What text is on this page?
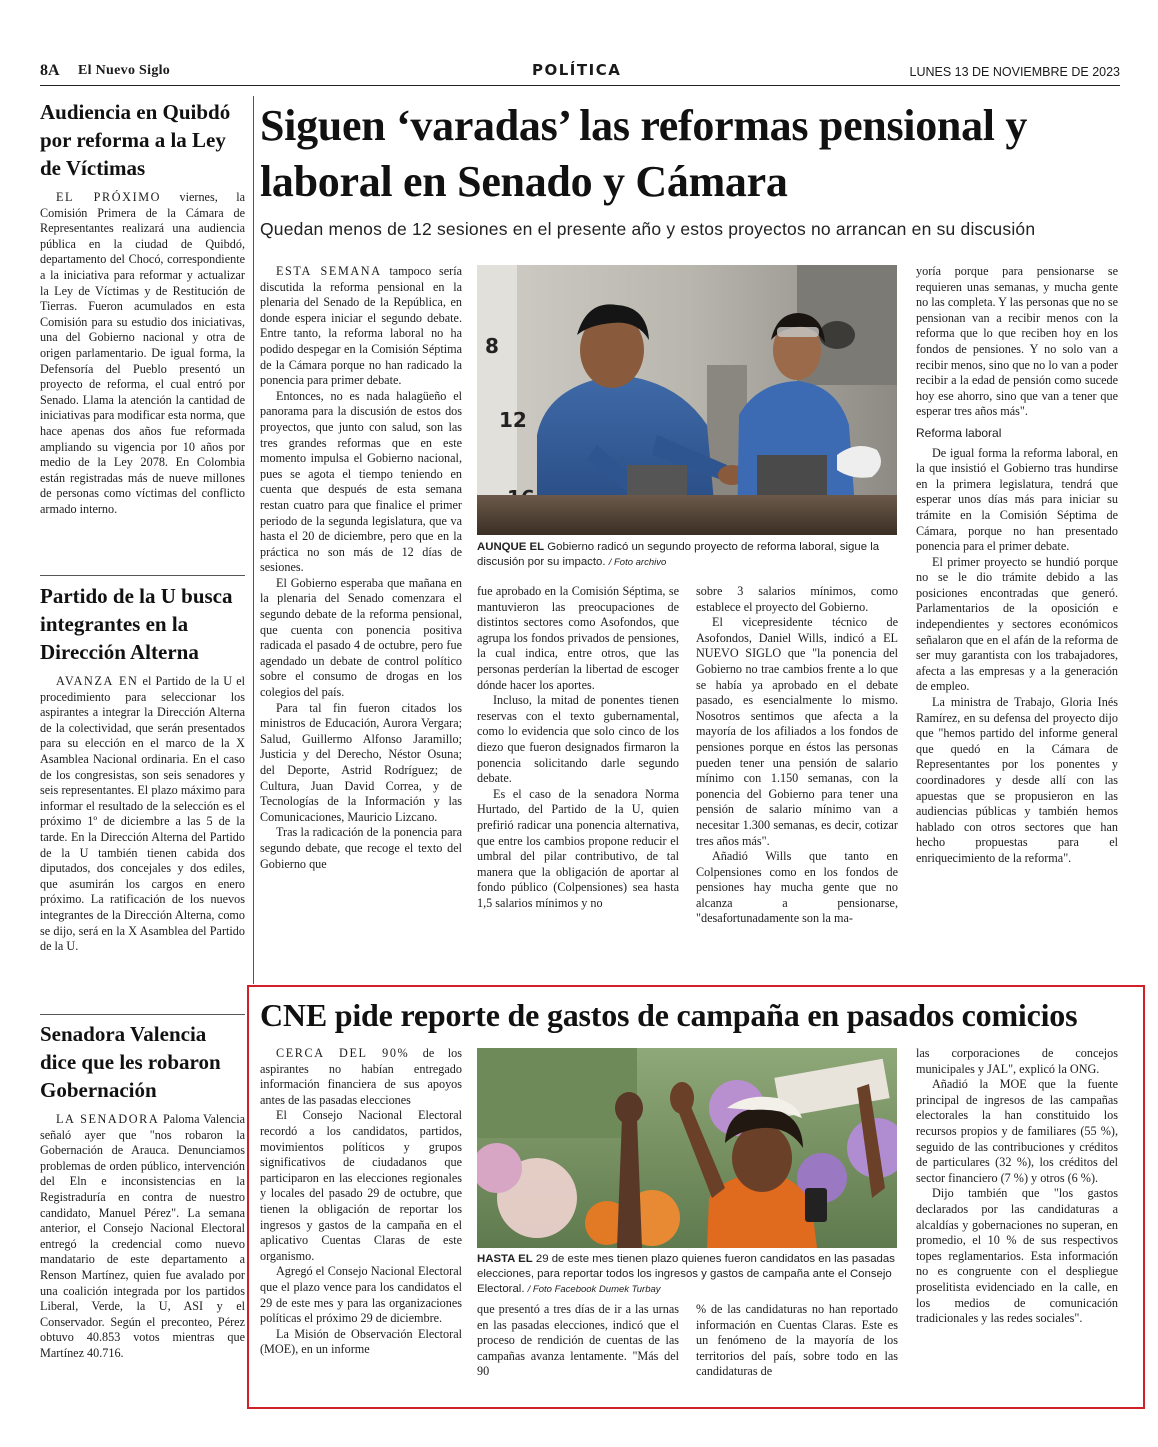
8A El Nuevo Siglo	POLÍTICA	LUNES 13 DE NOVIEMBRE DE 2023
Audiencia en Quibdó por reforma a la Ley de Víctimas

EL PRÓXIMO viernes, la Comisión Primera de la Cámara de Representantes realizará una audiencia pública en la ciudad de Quibdó, departamento del Chocó, correspondiente a la iniciativa para reformar y actualizar la Ley de Víctimas y de Restitución de Tierras. Fueron acumulados en esta Comisión para su estudio dos iniciativas, una del Gobierno nacional y otra de origen parlamentario. De igual forma, la Defensoría del Pueblo presentó un proyecto de reforma, el cual entró por Senado. Llama la atención la cantidad de iniciativas para modificar esta norma, que hace apenas dos años fue reformada ampliando su vigencia por 10 años por medio de la Ley 2078. En Colombia están registradas más de nueve millones de personas como víctimas del conflicto armado interno.

Partido de la U busca integrantes en la Dirección Alterna

AVANZA EN el Partido de la U el procedimiento para seleccionar los aspirantes a integrar la Dirección Alterna de la colectividad, que serán presentados para su elección en el marco de la X Asamblea Nacional ordinaria. En el caso de los congresistas, son seis senadores y seis representantes. El plazo máximo para informar el resultado de la selección es el próximo 1º de diciembre a las 5 de la tarde. En la Dirección Alterna del Partido de la U también tienen cabida dos diputados, dos concejales y dos ediles, que asumirán los cargos en enero próximo. La ratificación de los nuevos integrantes de la Dirección Alterna, como se dijo, será en la X Asamblea del Partido de la U.

Senadora Valencia dice que les robaron Gobernación

LA SENADORA Paloma Valencia señaló ayer que "nos robaron la Gobernación de Arauca. Denunciamos problemas de orden público, intervención del Eln e inconsistencias en la Registraduría en contra de nuestro candidato, Manuel Pérez". La semana anterior, el Consejo Nacional Electoral entregó la credencial como nuevo mandatario de este departamento a Renson Martínez, quien fue avalado por una coalición integrada por los partidos Liberal, Verde, la U, ASI y el Conservador. Según el preconteo, Pérez obtuvo 40.853 votos mientras que Martínez 40.716.

Siguen ‘varadas’ las reformas pensional y laboral en Senado y Cámara
Quedan menos de 12 sesiones en el presente año y estos proyectos no arrancan en su discusión

ESTA SEMANA tampoco sería discutida la reforma pensional en la plenaria del Senado de la República, en donde espera iniciar el segundo debate. Entre tanto, la reforma laboral no ha podido despegar en la Comisión Séptima de la Cámara porque no han radicado la ponencia para primer debate.

Entonces, no es nada halagüeño el panorama para la discusión de estos dos proyectos, que junto con salud, son las tres grandes reformas que en este momento impulsa el Gobierno nacional, pues se agota el tiempo teniendo en cuenta que después de esta semana restan cuatro para que finalice el primer periodo de la segunda legislatura, que va hasta el 20 de diciembre, pero que en la práctica no son más de 12 días de sesiones.

El Gobierno esperaba que mañana en la plenaria del Senado comenzara el segundo debate de la reforma pensional, que cuenta con ponencia positiva radicada el pasado 4 de octubre, pero fue agendado un debate de control político sobre el consumo de drogas en los colegios del país.

Para tal fin fueron citados los ministros de Educación, Aurora Vergara; Salud, Guillermo Alfonso Jaramillo; Justicia y del Derecho, Néstor Osuna; del Deporte, Astrid Rodríguez; de Cultura, Juan David Correa, y de Tecnologías de la Información y las Comunicaciones, Mauricio Lizcano.

Tras la radicación de la ponencia para segundo debate, que recoge el texto del Gobierno que

8
12
AUNQUE EL Gobierno radicó un segundo proyecto de reforma laboral, sigue la discusión por su impacto. / Foto archivo

fue aprobado en la Comisión Séptima, se mantuvieron las preocupaciones de distintos sectores como Asofondos, que agrupa los fondos privados de pensiones, la cual indica, entre otros, que las personas perderían la libertad de escoger dónde hacer los aportes.

Incluso, la mitad de ponentes tienen reservas con el texto gubernamental, como lo evidencia que solo cinco de los diezo que fueron designados firmaron la ponencia solicitando darle segundo debate.

Es el caso de la senadora Norma Hurtado, del Partido de la U, quien prefirió radicar una ponencia alternativa, que entre los cambios propone reducir el umbral del pilar contributivo, de tal manera que la obligación de aportar al fondo público (Colpensiones) sea hasta 1,5 salarios mínimos y no

sobre 3 salarios mínimos, como establece el proyecto del Gobierno.

El vicepresidente técnico de Asofondos, Daniel Wills, indicó a EL NUEVO SIGLO que "la ponencia del Gobierno no trae cambios frente a lo que se había ya aprobado en el debate pasado, es esencialmente lo mismo. Nosotros sentimos que afecta a la mayoría de los afiliados a los fondos de pensiones porque en éstos las personas pueden tener una pensión de salario mínimo con 1.150 semanas, con la ponencia del Gobierno para tener una pensión de salario mínimo van a necesitar 1.300 semanas, es decir, cotizar tres años más".

Añadió Wills que tanto en Colpensiones como en los fondos de pensiones hay mucha gente que no alcanza a pensionarse, "desafortunadamente son la ma-

yoría porque para pensionarse se requieren unas semanas, y mucha gente no las completa. Y las personas que no se pensionan van a recibir menos con la reforma que lo que reciben hoy en los fondos de pensiones. Y no solo van a recibir menos, sino que no lo van a poder recibir a la edad de pensión como sucede hoy ese ahorro, sino que van a tener que esperar tres años más".

Reforma laboral

De igual forma la reforma laboral, en la que insistió el Gobierno tras hundirse en la primera legislatura, tendrá que esperar unos días más para iniciar su trámite en la Comisión Séptima de Cámara, porque no han presentado ponencia para el primer debate.

El primer proyecto se hundió porque no se le dio trámite debido a las posiciones encontradas que generó. Parlamentarios de la oposición e independientes y sectores económicos señalaron que en el afán de la reforma de ser muy garantista con los trabajadores, afecta a las empresas y a la generación de empleo.

La ministra de Trabajo, Gloria Inés Ramírez, en su defensa del proyecto dijo que "hemos partido del informe general que quedó en la Cámara de Representantes por los ponentes y coordinadores y desde allí con las apuestas que se propusieron en las audiencias públicas y también hemos hablado con otros sectores que han hecho propuestas para el enriquecimiento de la reforma".

CNE pide reporte de gastos de campaña en pasados comicios

CERCA DEL 90% de los aspirantes no habían entregado información financiera de sus apoyos antes de las pasadas elecciones

El Consejo Nacional Electoral recordó a los candidatos, partidos, movimientos políticos y grupos significativos de ciudadanos que participaron en las elecciones regionales y locales del pasado 29 de octubre, que tienen la obligación de reportar los ingresos y gastos de la campaña en el aplicativo Cuentas Claras de este organismo.

Agregó el Consejo Nacional Electoral que el plazo vence para los candidatos el 29 de este mes y para las organizaciones políticas el próximo 29 de diciembre.

La Misión de Observación Electoral (MOE), en un informe

HASTA EL 29 de este mes tienen plazo quienes fueron candidatos en las pasadas elecciones, para reportar todos los ingresos y gastos de campaña ante el Consejo Electoral. / Foto Facebook Dumek Turbay

que presentó a tres días de ir a las urnas en las pasadas elecciones, indicó que el proceso de rendición de cuentas de las campañas avanza lentamente. "Más del 90

% de las candidaturas no han reportado información en Cuentas Claras. Este es un fenómeno de la mayoría de los territorios del país, sobre todo en las candidaturas de

las corporaciones de concejos municipales y JAL", explicó la ONG.

Añadió la MOE que la fuente principal de ingresos de las campañas electorales la han constituido los recursos propios y de familiares (55 %), seguido de las contribuciones y créditos de particulares (32 %), los créditos del sector financiero (7 %) y otros (6 %).

Dijo también que "los gastos declarados por las candidaturas a alcaldías y gobernaciones no superan, en promedio, el 10 % de sus respectivos topes reglamentarios. Esta información no es congruente con el despliegue proselitista evidenciado en la calle, en los medios de comunicación tradicionales y las redes sociales".
